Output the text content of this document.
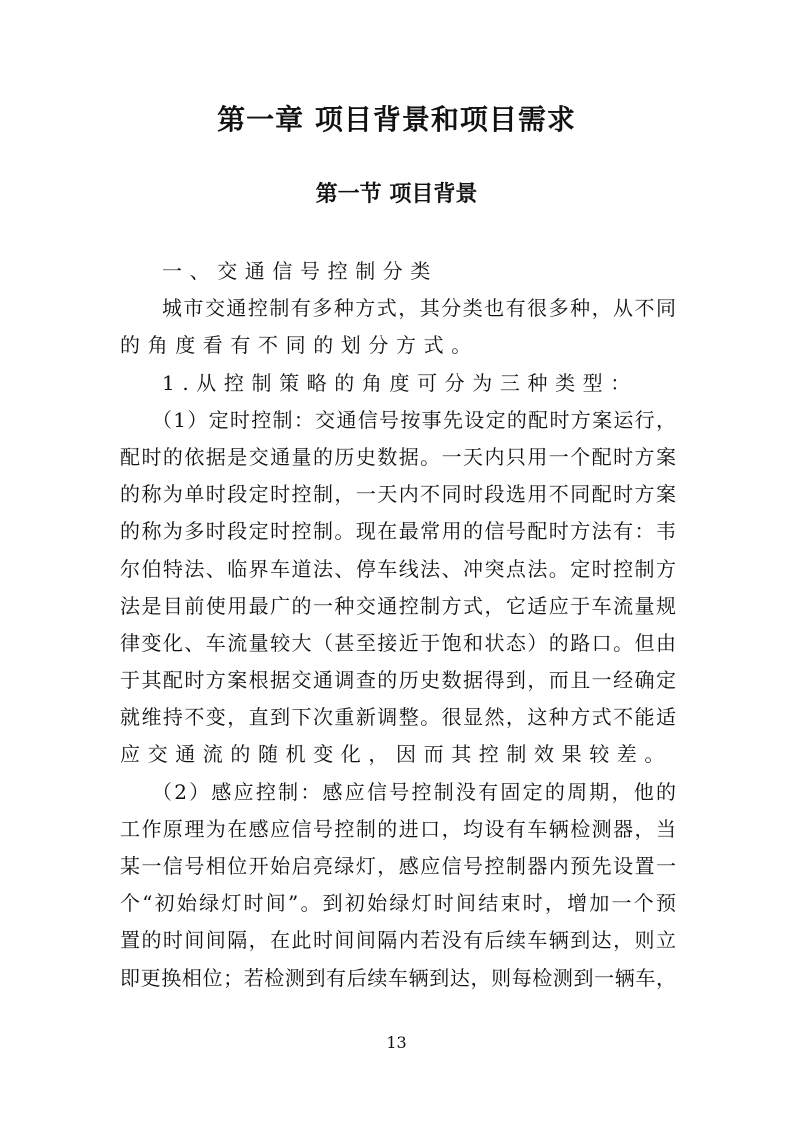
第一章 项目背景和项目需求
第一节 项目背景
一、交通信号控制分类
城市交通控制有多种方式，其分类也有很多种，从不同
的角度看有不同的划分方式。
1.从控制策略的角度可分为三种类型：
（1）定时控制：交通信号按事先设定的配时方案运行，
配时的依据是交通量的历史数据。一天内只用一个配时方案
的称为单时段定时控制，一天内不同时段选用不同配时方案
的称为多时段定时控制。现在最常用的信号配时方法有：韦
尔伯特法、临界车道法、停车线法、冲突点法。定时控制方
法是目前使用最广的一种交通控制方式，它适应于车流量规
律变化、车流量较大（甚至接近于饱和状态）的路口。但由
于其配时方案根据交通调查的历史数据得到，而且一经确定
就维持不变，直到下次重新调整。很显然，这种方式不能适
应交通流的随机变化，因而其控制效果较差。
（2）感应控制：感应信号控制没有固定的周期，他的
工作原理为在感应信号控制的进口，均设有车辆检测器，当
某一信号相位开始启亮绿灯，感应信号控制器内预先设置一
个“初始绿灯时间”。到初始绿灯时间结束时，增加一个预
置的时间间隔，在此时间间隔内若没有后续车辆到达，则立
即更换相位；若检测到有后续车辆到达，则每检测到一辆车，
13
